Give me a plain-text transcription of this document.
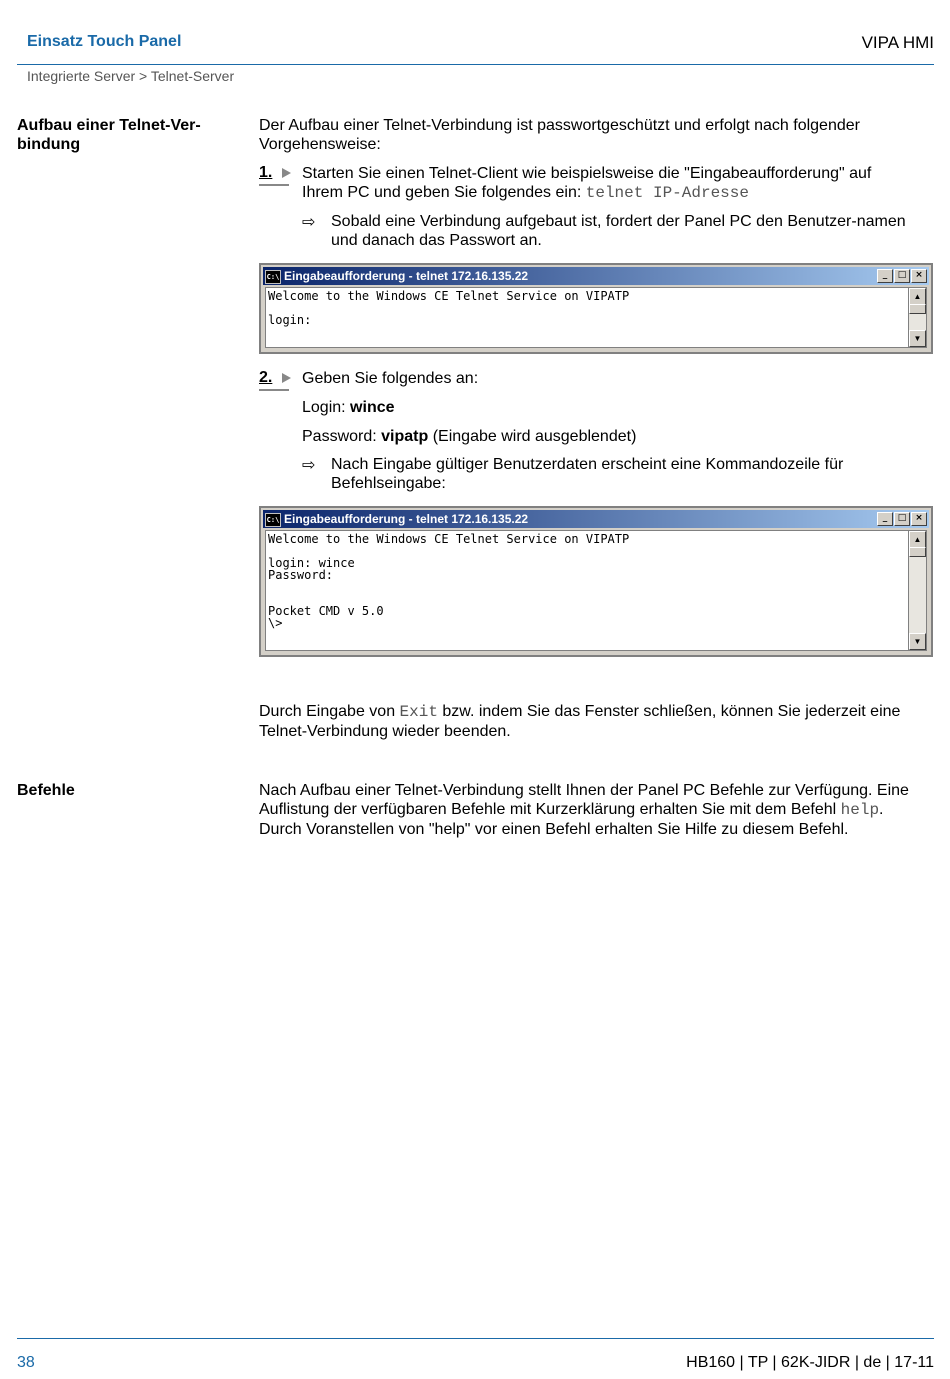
Einsatz Touch Panel	VIPA HMI
Integrierte Server > Telnet-Server
Aufbau einer Telnet-Ver-
bindung
Der Aufbau einer Telnet-Verbindung ist passwortgeschützt und erfolgt nach folgender Vorgehensweise:
1.	Starten Sie einen Telnet-Client wie beispielsweise die "Eingabeaufforderung" auf
Ihrem PC und geben Sie folgendes ein: telnet IP-Adresse
⇨ Sobald eine Verbindung aufgebaut ist, fordert der Panel PC den Benutzer-namen und danach das Passwort an.
C:\ Eingabeaufforderung - telnet 172.16.135.22	_	□ ×
Welcome to the Windows CE Telnet Service on VIPATP

login:
▲
▼
2.	Geben Sie folgendes an:
Login: wince
Password: vipatp (Eingabe wird ausgeblendet)
⇨ Nach Eingabe gültiger Benutzerdaten erscheint eine Kommandozeile für Befehlseingabe:
C:\ Eingabeaufforderung - telnet 172.16.135.22	_	□ ×
Welcome to the Windows CE Telnet Service on VIPATP

login: wince
Password:

Pocket CMD v 5.0
\>
▲
▼
Durch Eingabe von Exit bzw. indem Sie das Fenster schließen, können Sie jederzeit eine Telnet-Verbindung wieder beenden.
Befehle	Nach Aufbau einer Telnet-Verbindung stellt Ihnen der Panel PC Befehle zur Verfügung. Eine Auflistung der verfügbaren Befehle mit Kurzerklärung erhalten Sie mit dem Befehl help. Durch Voranstellen von "help" vor einen Befehl erhalten Sie Hilfe zu diesem Befehl.
38	HB160 | TP | 62K-JIDR | de | 17-11
